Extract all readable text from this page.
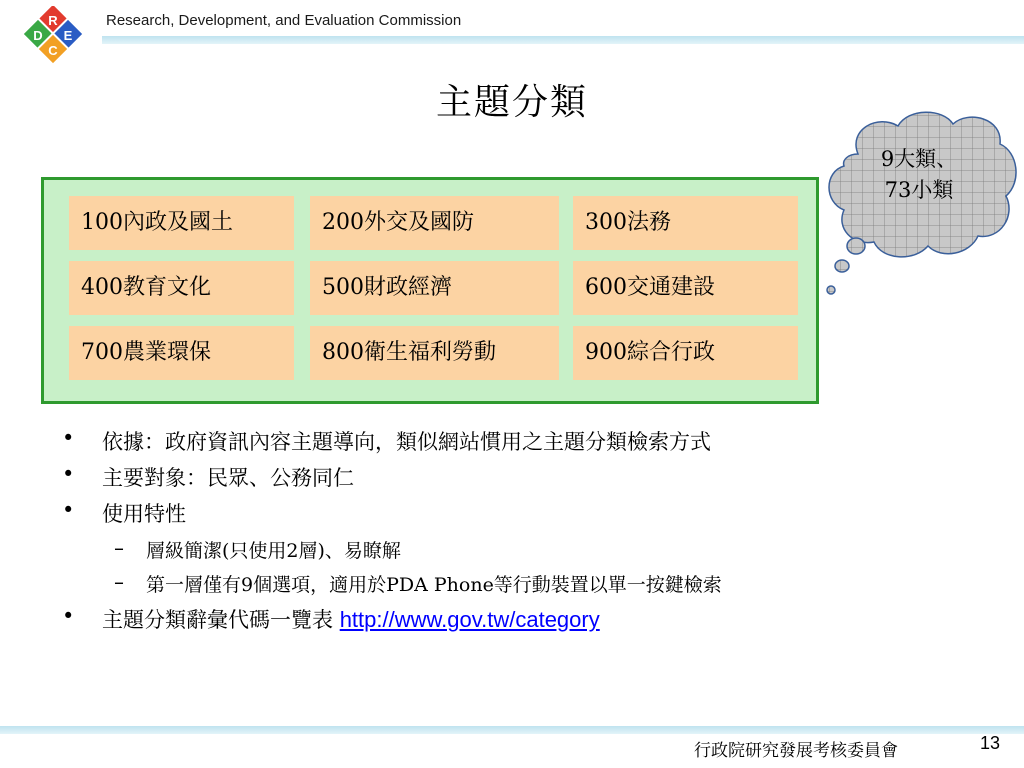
R
D E
C
Research, Development, and Evaluation Commission
主題分類
9大類、
73小類
100內政及國土	200外交及國防	300法務
400教育文化	500財政經濟	600交通建設
700農業環保	800衛生福利勞動	900綜合行政
• 依據：政府資訊內容主題導向，類似網站慣用之主題分類檢索方式
• 主要對象：民眾、公務同仁
• 使用特性
– 層級簡潔(只使用2層)、易瞭解
– 第一層僅有9個選項，適用於PDA Phone等行動裝置以單一按鍵檢索
• 主題分類辭彙代碼一覽表 http://www.gov.tw/category
行政院研究發展考核委員會	13
